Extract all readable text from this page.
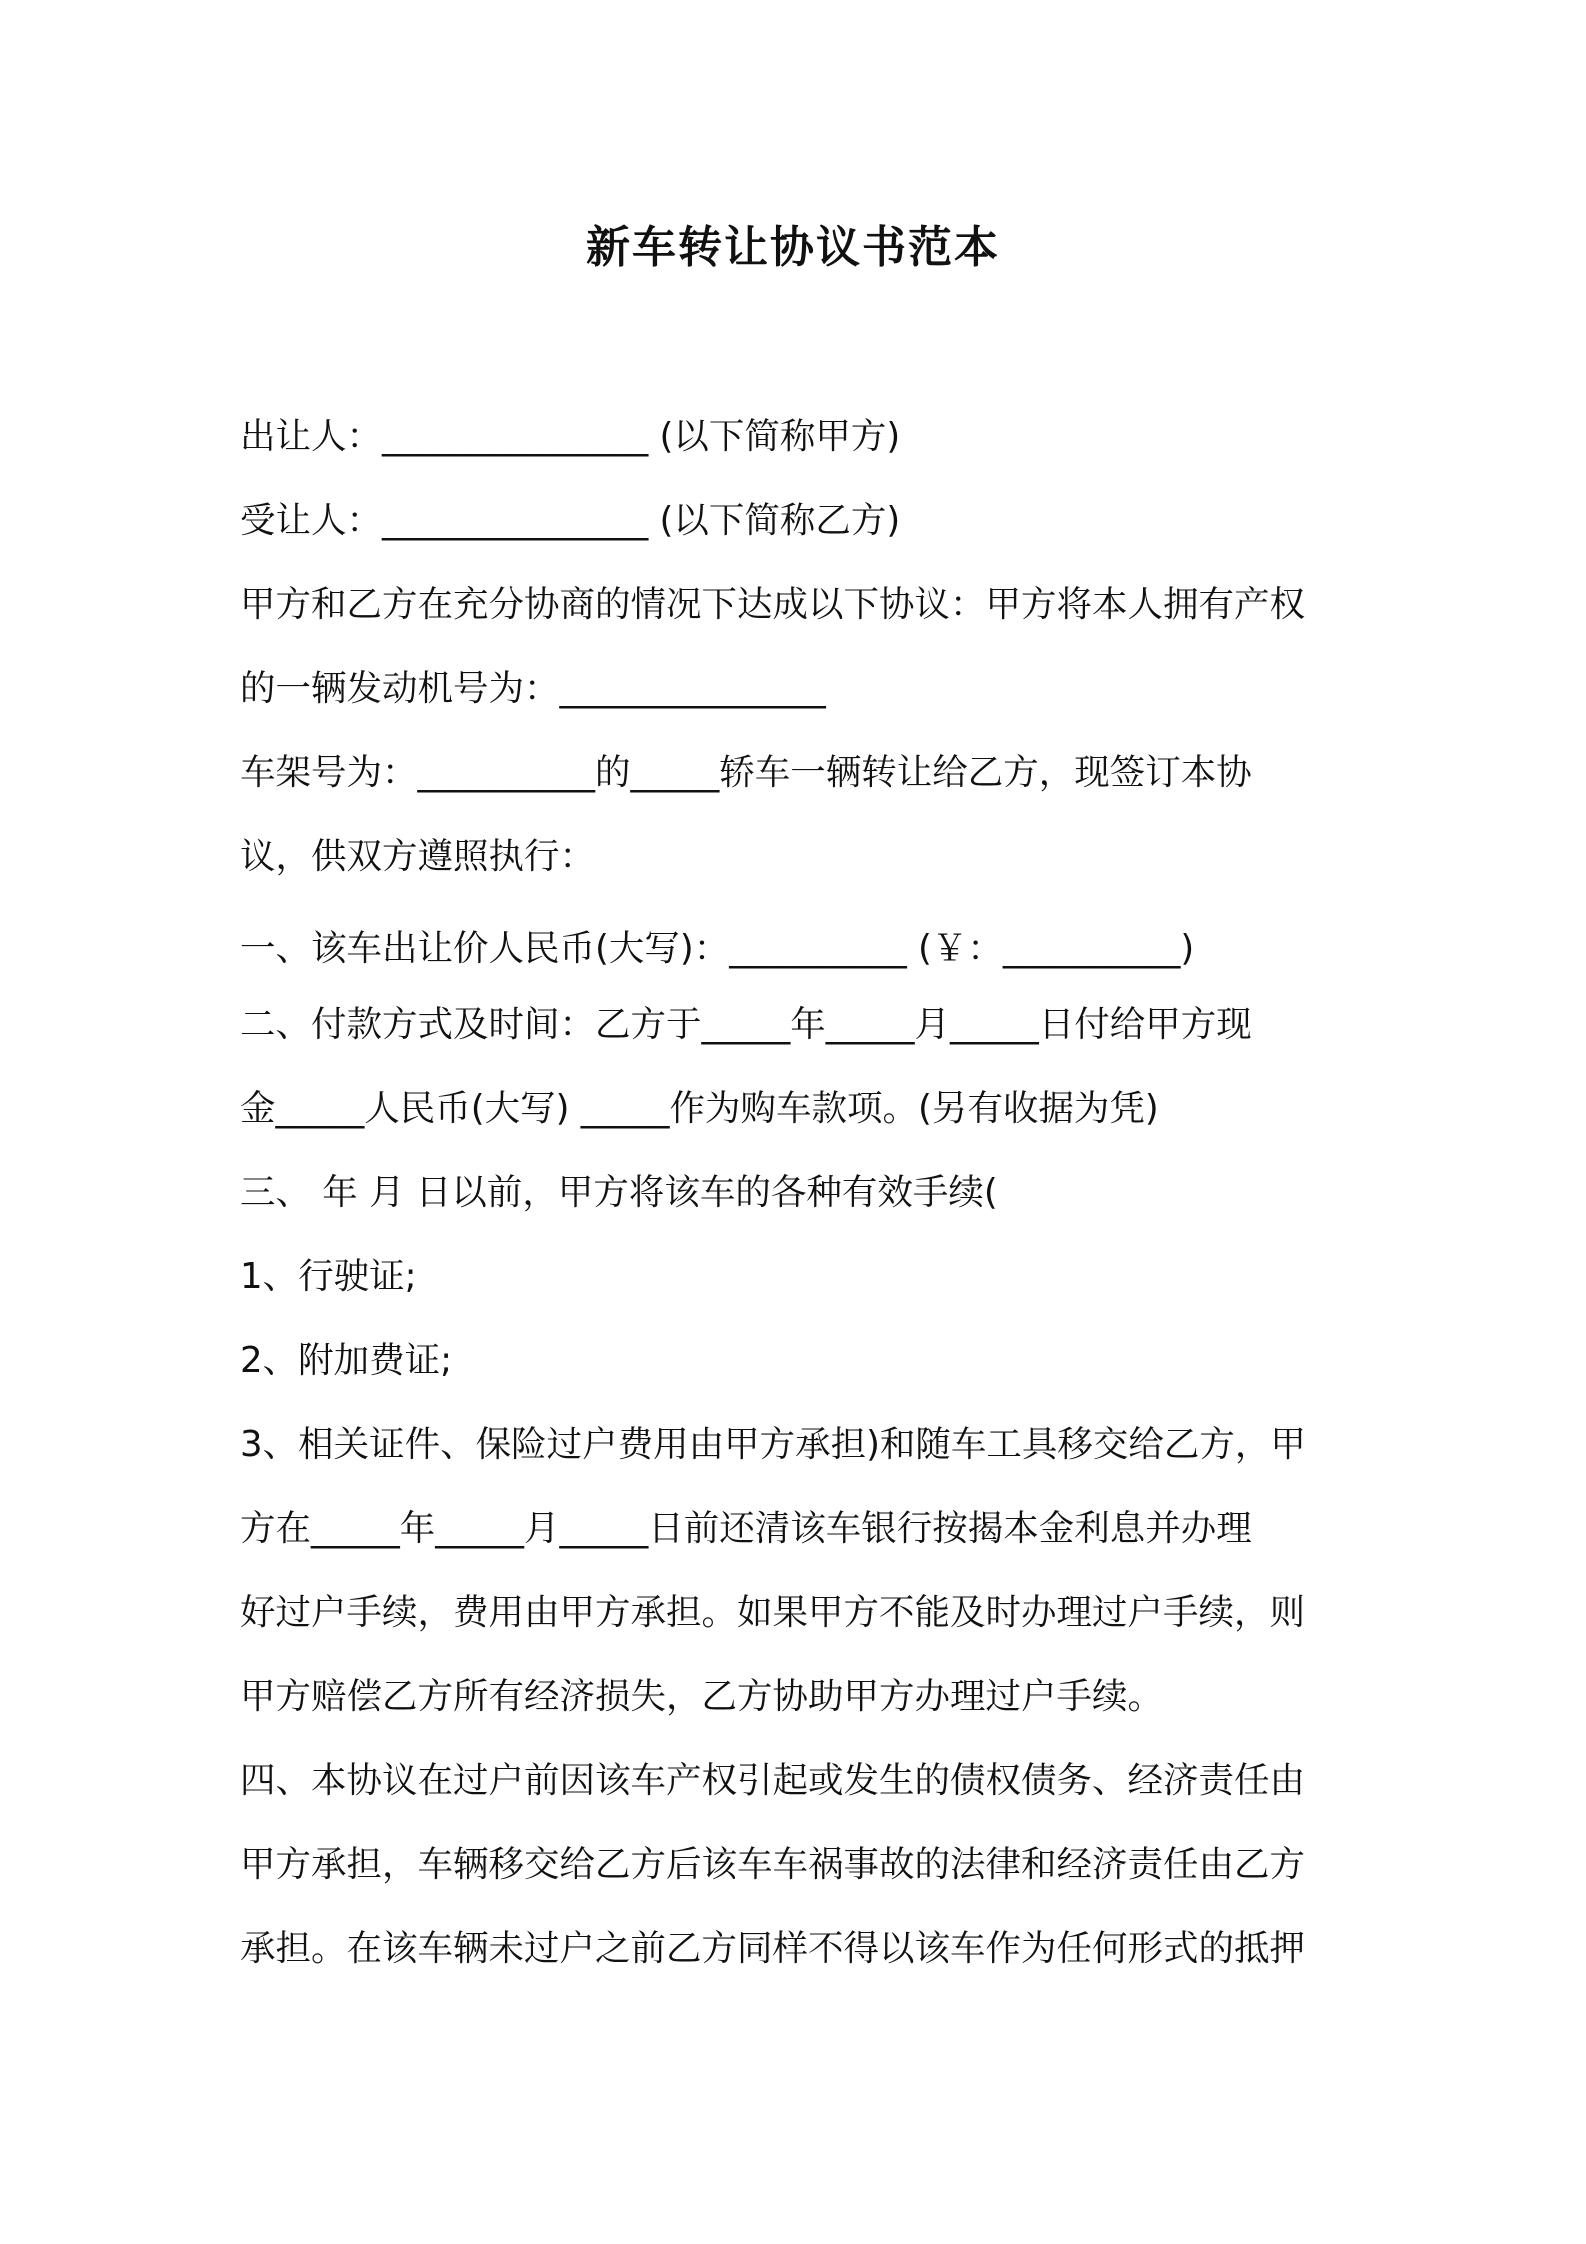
新车转让协议书范本

出让人：_______________ (以下简称甲方)

受让人：_______________ (以下简称乙方)

甲方和乙方在充分协商的情况下达成以下协议：甲方将本人拥有产权

的一辆发动机号为：_______________

车架号为：__________的_____轿车一辆转让给乙方，现签订本协

议，供双方遵照执行：

一、该车出让价人民币(大写)：__________ (￥：__________)

二、付款方式及时间：乙方于_____年_____月_____日付给甲方现

金_____人民币(大写) _____作为购车款项。(另有收据为凭)

三、 年 月 日以前，甲方将该车的各种有效手续(

1、行驶证;

2、附加费证;

3、相关证件、保险过户费用由甲方承担)和随车工具移交给乙方，甲

方在_____年_____月_____日前还清该车银行按揭本金利息并办理

好过户手续，费用由甲方承担。如果甲方不能及时办理过户手续，则

甲方赔偿乙方所有经济损失，乙方协助甲方办理过户手续。

四、本协议在过户前因该车产权引起或发生的债权债务、经济责任由

甲方承担，车辆移交给乙方后该车车祸事故的法律和经济责任由乙方

承担。在该车辆未过户之前乙方同样不得以该车作为任何形式的抵押
